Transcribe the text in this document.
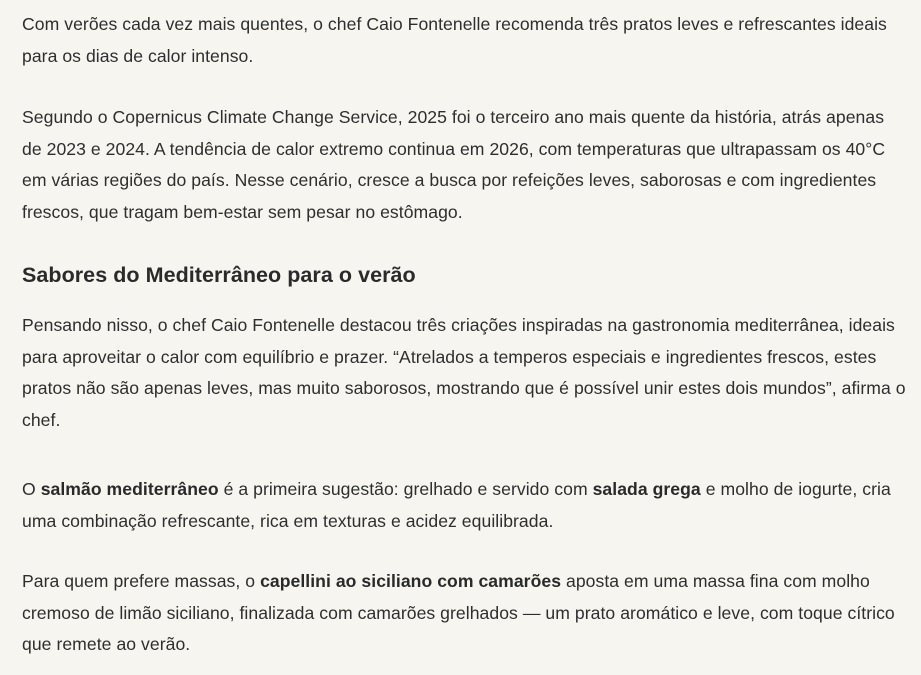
Com verões cada vez mais quentes, o chef Caio Fontenelle recomenda três pratos leves e refrescantes ideais para os dias de calor intenso.

Segundo o Copernicus Climate Change Service, 2025 foi o terceiro ano mais quente da história, atrás apenas de 2023 e 2024. A tendência de calor extremo continua em 2026, com temperaturas que ultrapassam os 40°C em várias regiões do país. Nesse cenário, cresce a busca por refeições leves, saborosas e com ingredientes frescos, que tragam bem-estar sem pesar no estômago.

Sabores do Mediterrâneo para o verão

Pensando nisso, o chef Caio Fontenelle destacou três criações inspiradas na gastronomia mediterrânea, ideais para aproveitar o calor com equilíbrio e prazer. “Atrelados a temperos especiais e ingredientes frescos, estes pratos não são apenas leves, mas muito saborosos, mostrando que é possível unir estes dois mundos”, afirma o chef.

O salmão mediterrâneo é a primeira sugestão: grelhado e servido com salada grega e molho de iogurte, cria uma combinação refrescante, rica em texturas e acidez equilibrada.

Para quem prefere massas, o capellini ao siciliano com camarões aposta em uma massa fina com molho cremoso de limão siciliano, finalizada com camarões grelhados — um prato aromático e leve, com toque cítrico que remete ao verão.
